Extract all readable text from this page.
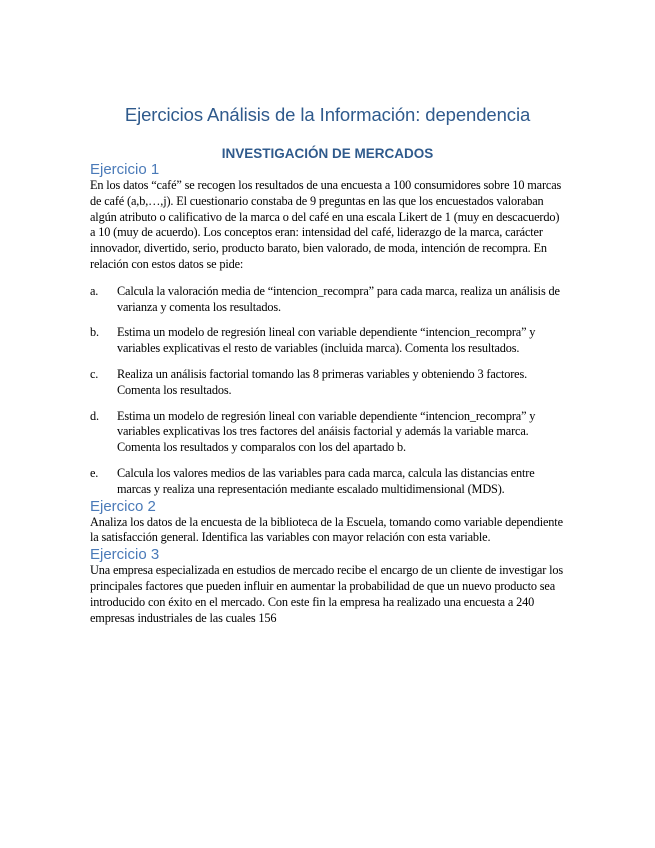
Ejercicios Análisis de la Información: dependencia
INVESTIGACIÓN DE MERCADOS
Ejercicio 1

En los datos “café” se recogen los resultados de una encuesta a 100 consumidores sobre 10 marcas de café (a,b,…,j). El cuestionario constaba de 9 preguntas en las que los encuestados valoraban algún atributo o calificativo de la marca o del café en una escala Likert de 1 (muy en descacuerdo) a 10 (muy de acuerdo). Los conceptos eran: intensidad del café, liderazgo de la marca, carácter innovador, divertido, serio, producto barato, bien valorado, de moda, intención de recompra. En relación con estos datos se pide:

a. Calcula la valoración media de “intencion_recompra” para cada marca, realiza un análisis de varianza y comenta los resultados.
b. Estima un modelo de regresión lineal con variable dependiente “intencion_recompra” y variables explicativas el resto de variables (incluida marca). Comenta los resultados.
c. Realiza un análisis factorial tomando las 8 primeras variables y obteniendo 3 factores. Comenta los resultados.
d. Estima un modelo de regresión lineal con variable dependiente “intencion_recompra” y variables explicativas los tres factores del anáisis factorial y además la variable marca. Comenta los resultados y comparalos con los del apartado b.
e. Calcula los valores medios de las variables para cada marca, calcula las distancias entre marcas y realiza una representación mediante escalado multidimensional (MDS).
Ejercico 2

Analiza los datos de la encuesta de la biblioteca de la Escuela, tomando como variable dependiente la satisfacción general. Identifica las variables con mayor relación con esta variable.

Ejercicio 3

Una empresa especializada en estudios de mercado recibe el encargo de un cliente de investigar los principales factores que pueden influir en aumentar la probabilidad de que un nuevo producto sea introducido con éxito en el mercado. Con este fin la empresa ha realizado una encuesta a 240 empresas industriales de las cuales 156
